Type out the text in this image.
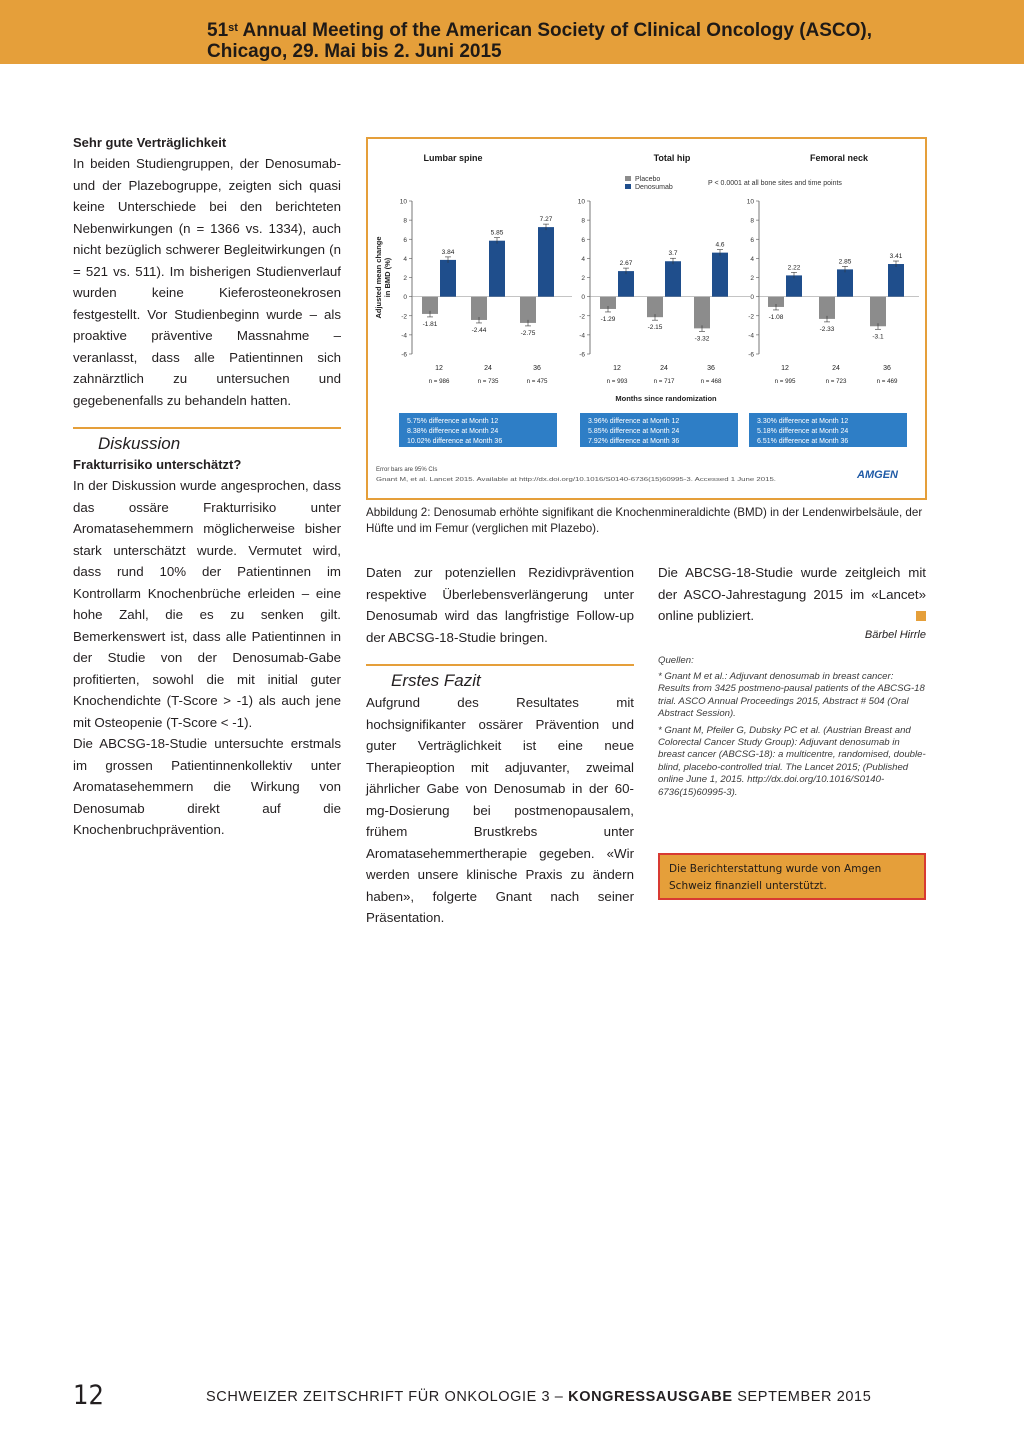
51st Annual Meeting of the American Society of Clinical Oncology (ASCO),
Chicago, 29. Mai bis 2. Juni 2015
Sehr gute Verträglichkeit

In beiden Studiengruppen, der Denosumab- und der Plazebogruppe, zeigten sich quasi keine Unterschiede bei den berichteten Nebenwirkungen (n = 1366 vs. 1334), auch nicht bezüglich schwerer Begleitwirkungen (n = 521 vs. 511). Im bisherigen Studienverlauf wurden keine Kieferosteonekrosen festgestellt. Vor Studienbeginn wurde – als proaktive präventive Massnahme – veranlasst, dass alle Patientinnen sich zahnärztlich zu untersuchen und gegebenenfalls zu behandeln hatten.

Diskussion
Frakturrisiko unterschätzt?

In der Diskussion wurde angesprochen, dass das ossäre Frakturrisiko unter Aromatasehemmern möglicherweise bisher stark unterschätzt wurde. Vermutet wird, dass rund 10% der Patientinnen im Kontrollarm Knochenbrüche erleiden – eine hohe Zahl, die es zu senken gilt. Bemerkenswert ist, dass alle Patientinnen in der Studie von der Denosumab-Gabe profitierten, sowohl die mit initial guter Knochendichte (T-Score > -1) als auch jene mit Osteopenie (T-Score < -1).

Die ABCSG-18-Studie untersuchte erstmals im grossen Patientinnenkollektiv unter Aromatasehemmern die Wirkung von Denosumab direkt auf die Knochenbruchprävention.

Placebo
Denosumab
P < 0.0001 at all bone sites and time points
Adjusted mean change in BMD (%)
Lumbar spine
-6
-4
-2
0
2
4
6
8
10
-1.81
3.84
12
n = 986
-2.44
5.85
24
n = 735
-2.75
7.27
36
n = 475
5.75% difference at Month 12
8.38% difference at Month 24
10.02% difference at Month 36
Total hip
-6
-4
-2
0
2
4
6
8
10
-1.29
2.67
12
n = 993
-2.15
3.7
24
n = 717
-3.32
4.6
36
n = 468
3.96% difference at Month 12
5.85% difference at Month 24
7.92% difference at Month 36
Femoral neck
-6
-4
-2
0
2
4
6
8
10
-1.08
2.22
12
n = 995
-2.33
2.85
24
n = 723
-3.1
3.41
36
n = 469
3.30% difference at Month 12
5.18% difference at Month 24
6.51% difference at Month 36
Months since randomization
Error bars are 95% CIs
Gnant M, et al. Lancet 2015. Available at http://dx.doi.org/10.1016/S0140-6736(15)60995-3. Accessed 1 June 2015.	AMGEN
Abbildung 2: Denosumab erhöhte signifikant die Knochenmineraldichte (BMD) in der Lendenwirbelsäule, der Hüfte und im Femur (verglichen mit Plazebo).

Daten zur potenziellen Rezidivprävention respektive Überlebensverlängerung unter Denosumab wird das langfristige Follow-up der ABCSG-18-Studie bringen.

Erstes Fazit

Aufgrund des Resultates mit hochsignifikanter ossärer Prävention und guter Verträglichkeit ist eine neue Therapieoption mit adjuvanter, zweimal jährlicher Gabe von Denosumab in der 60-mg-Dosierung bei postmenopausalem, frühem Brustkrebs unter Aromatasehemmertherapie gegeben. «Wir werden unsere klinische Praxis zu ändern haben», folgerte Gnant nach seiner Präsentation.

Die ABCSG-18-Studie wurde zeitgleich mit der ASCO-Jahrestagung 2015 im «Lancet» online publiziert.

Bärbel Hirrle

Quellen:

* Gnant M et al.: Adjuvant denosumab in breast cancer: Results from 3425 postmeno-pausal patients of the ABCSG-18 trial. ASCO Annual Proceedings 2015, Abstract # 504 (Oral Abstract Session).

* Gnant M, Pfeiler G, Dubsky PC et al. (Austrian Breast and Colorectal Cancer Study Group): Adjuvant denosumab in breast cancer (ABCSG-18): a multicentre, randomised, double-blind, placebo-controlled trial. The Lancet 2015; (Published online June 1, 2015. http://dx.doi.org/10.1016/S0140-6736(15)60995-3).

Die Berichterstattung wurde von Amgen Schweiz finanziell unterstützt.
12	SCHWEIZER ZEITSCHRIFT FÜR ONKOLOGIE 3 – KONGRESSAUSGABE SEPTEMBER 2015
